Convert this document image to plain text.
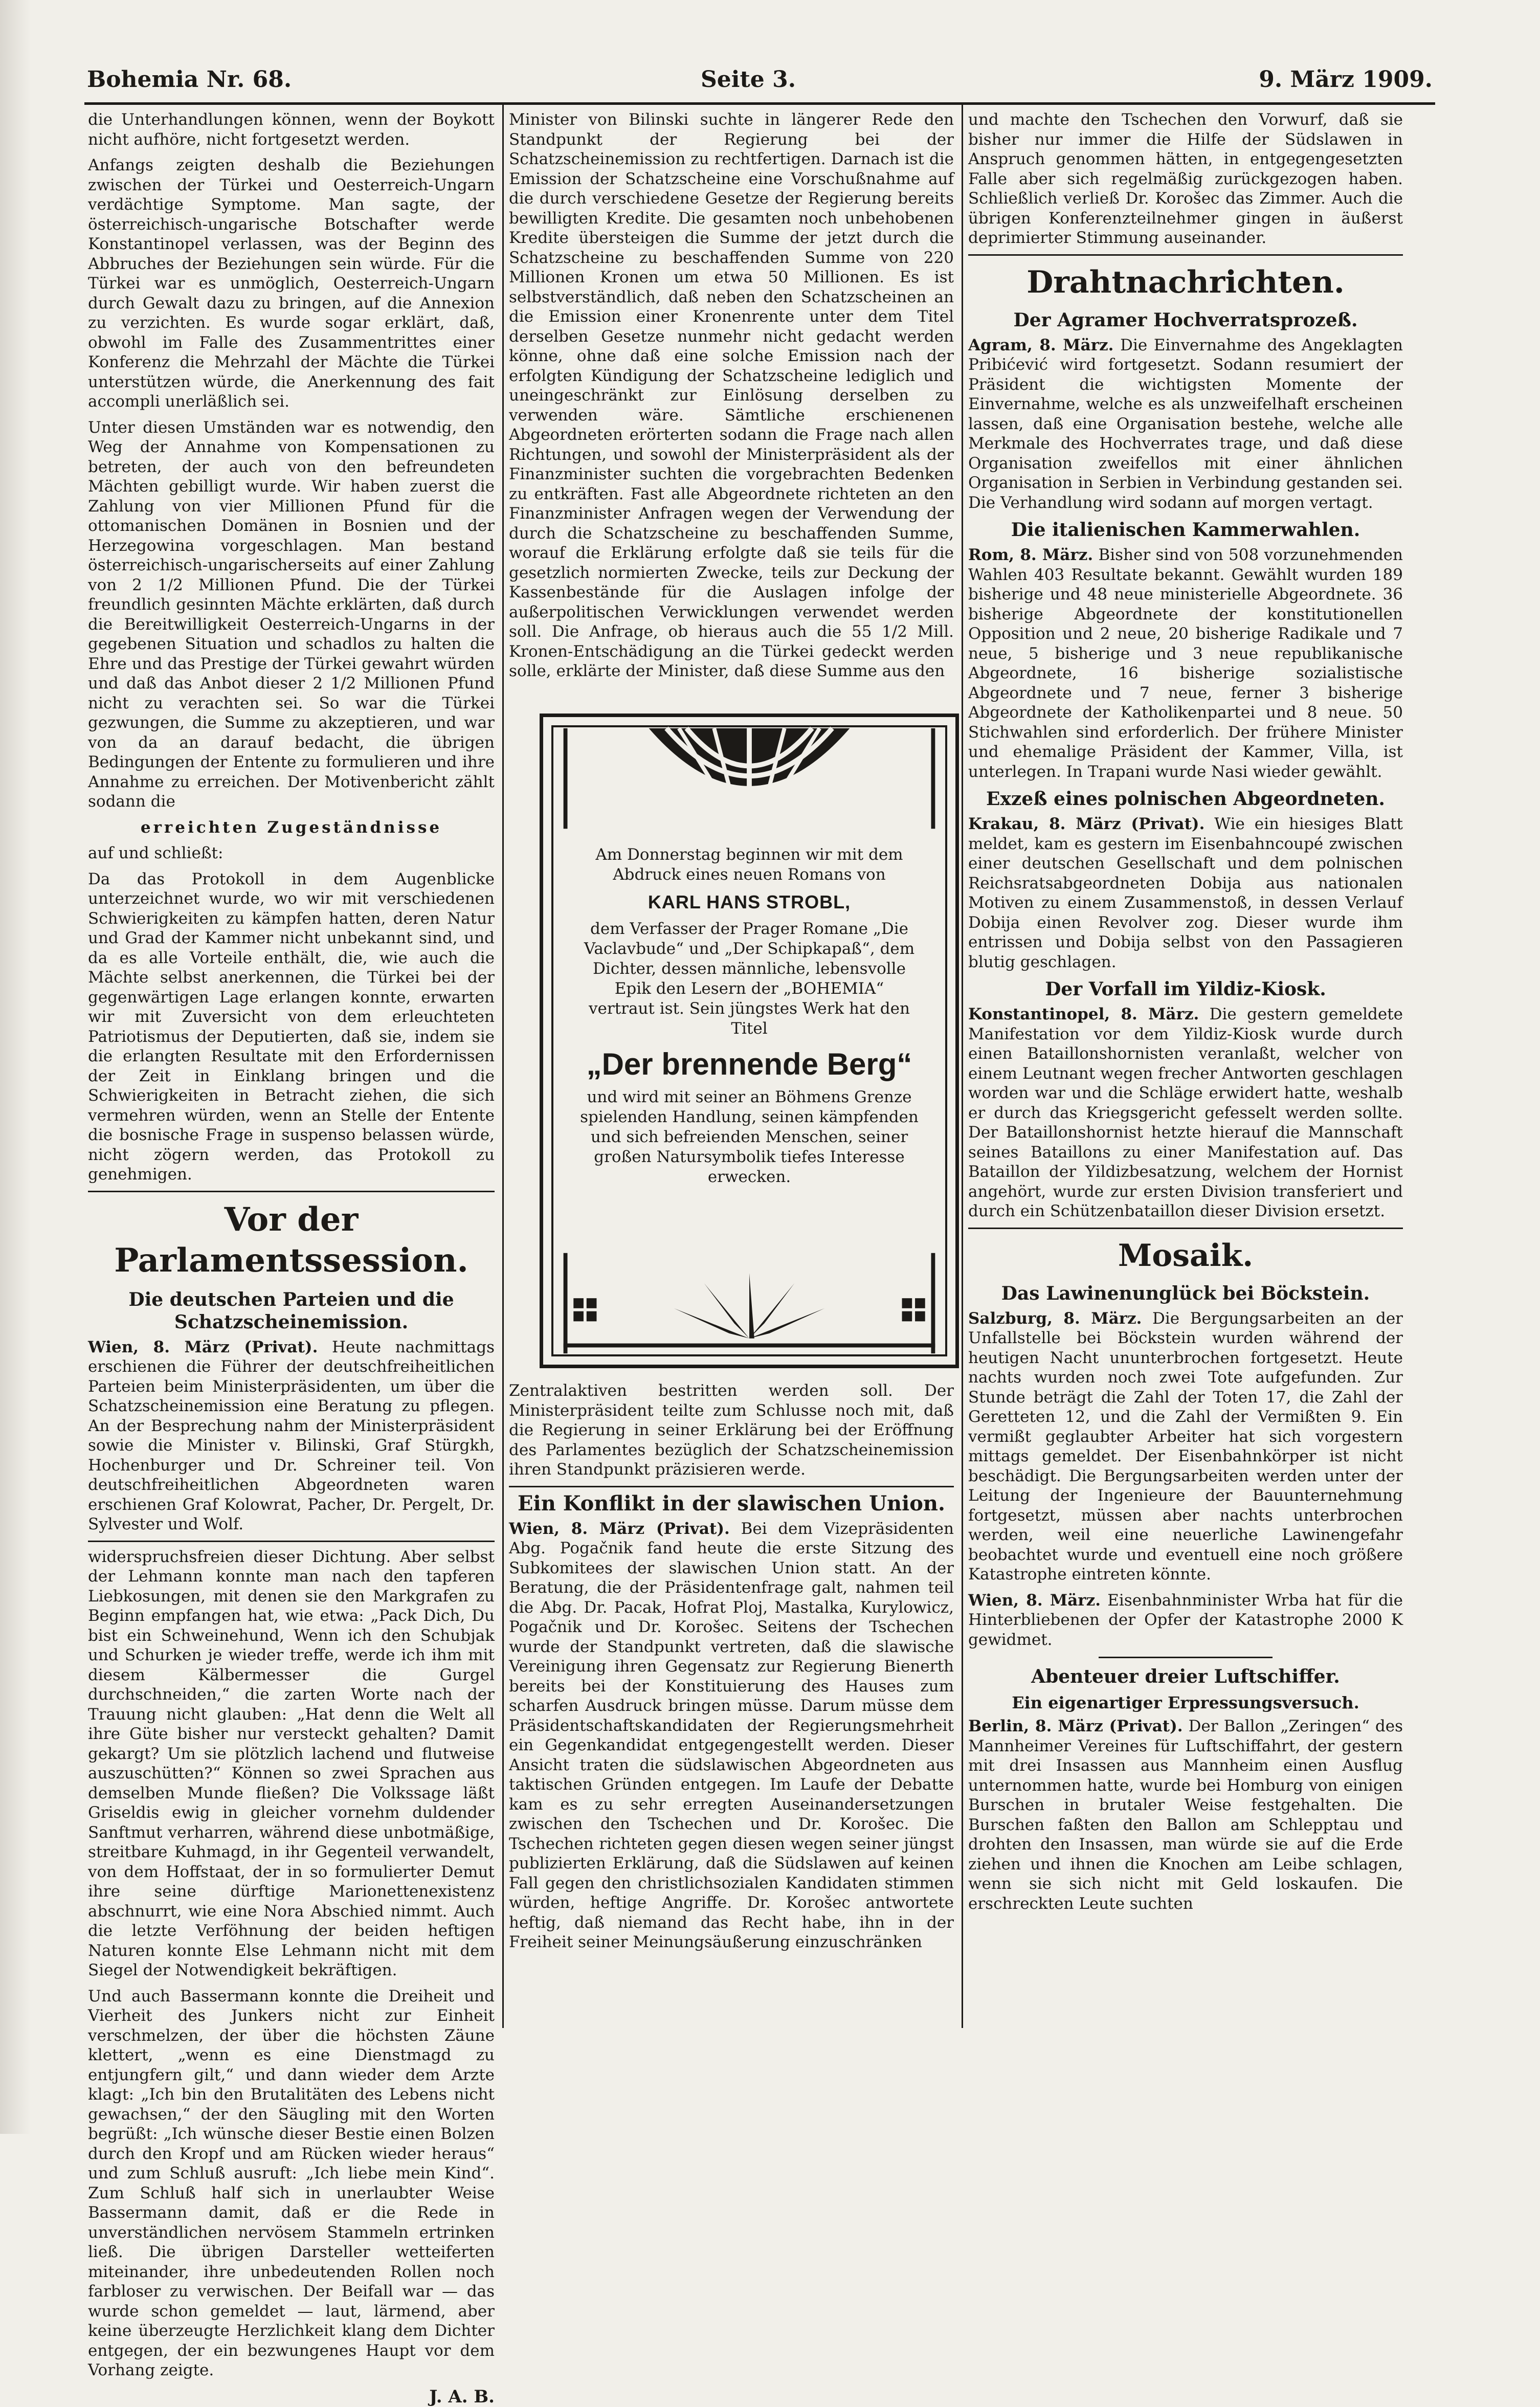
Bohemia Nr. 68.	Seite 3.	9. März 1909.

die Unterhandlungen können, wenn der Boykott nicht aufhöre, nicht fortgesetzt werden.

Anfangs zeigten deshalb die Beziehungen zwischen der Türkei und Oesterreich-Ungarn verdächtige Symptome. Man sagte, der österreichisch-ungarische Botschafter werde Konstantinopel verlassen, was der Beginn des Abbruches der Beziehungen sein würde. Für die Türkei war es unmöglich, Oesterreich-Ungarn durch Gewalt dazu zu bringen, auf die Annexion zu verzichten. Es wurde sogar erklärt, daß, obwohl im Falle des Zusammentrittes einer Konferenz die Mehrzahl der Mächte die Türkei unterstützen würde, die Anerkennung des fait accompli unerläßlich sei.

Unter diesen Umständen war es notwendig, den Weg der Annahme von Kompensationen zu betreten, der auch von den befreundeten Mächten gebilligt wurde. Wir haben zuerst die Zahlung von vier Millionen Pfund für die ottomanischen Domänen in Bosnien und der Herzegowina vorgeschlagen. Man bestand österreichisch-ungarischerseits auf einer Zahlung von 2 1/2 Millionen Pfund. Die der Türkei freundlich gesinnten Mächte erklärten, daß durch die Bereitwilligkeit Oesterreich-Ungarns in der gegebenen Situation und schadlos zu halten die Ehre und das Prestige der Türkei gewahrt würden und daß das Anbot dieser 2 1/2 Millionen Pfund nicht zu verachten sei. So war die Türkei gezwungen, die Summe zu akzeptieren, und war von da an darauf bedacht, die übrigen Bedingungen der Entente zu formulieren und ihre Annahme zu erreichen. Der Motivenbericht zählt sodann die

erreichten Zugeständnisse

auf und schließt:

Da das Protokoll in dem Augenblicke unterzeichnet wurde, wo wir mit verschiedenen Schwierigkeiten zu kämpfen hatten, deren Natur und Grad der Kammer nicht unbekannt sind, und da es alle Vorteile enthält, die, wie auch die Mächte selbst anerkennen, die Türkei bei der gegenwärtigen Lage erlangen konnte, erwarten wir mit Zuversicht von dem erleuchteten Patriotismus der Deputierten, daß sie, indem sie die erlangten Resultate mit den Erfordernissen der Zeit in Einklang bringen und die Schwierigkeiten in Betracht ziehen, die sich vermehren würden, wenn an Stelle der Entente die bosnische Frage in suspenso belassen würde, nicht zögern werden, das Protokoll zu genehmigen.

Vor der Parlamentssession.
Die deutschen Parteien und die Schatzscheinemission.

Wien, 8. März (Privat). Heute nachmittags erschienen die Führer der deutschfreiheitlichen Parteien beim Ministerpräsidenten, um über die Schatzscheinemission eine Beratung zu pflegen. An der Besprechung nahm der Ministerpräsident sowie die Minister v. Bilinski, Graf Stürgkh, Hochenburger und Dr. Schreiner teil. Von deutschfreiheitlichen Abgeordneten waren erschienen Graf Kolowrat, Pacher, Dr. Pergelt, Dr. Sylvester und Wolf.

widerspruchsfreien dieser Dichtung. Aber selbst der Lehmann konnte man nach den tapferen Liebkosungen, mit denen sie den Markgrafen zu Beginn empfangen hat, wie etwa: „Pack Dich, Du bist ein Schweinehund, Wenn ich den Schubjak und Schurken je wieder treffe, werde ich ihm mit diesem Kälbermesser die Gurgel durchschneiden,“ die zarten Worte nach der Trauung nicht glauben: „Hat denn die Welt all ihre Güte bisher nur versteckt gehalten? Damit gekargt? Um sie plötzlich lachend und flutweise auszuschütten?“ Können so zwei Sprachen aus demselben Munde fließen? Die Volkssage läßt Griseldis ewig in gleicher vornehm duldender Sanftmut verharren, während diese unbotmäßige, streitbare Kuhmagd, in ihr Gegenteil verwandelt, von dem Hoffstaat, der in so formulierter Demut ihre seine dürftige Marionettenexistenz abschnurrt, wie eine Nora Abschied nimmt. Auch die letzte Verföhnung der beiden heftigen Naturen konnte Else Lehmann nicht mit dem Siegel der Notwendigkeit bekräftigen.

Und auch Bassermann konnte die Dreiheit und Vierheit des Junkers nicht zur Einheit verschmelzen, der über die höchsten Zäune klettert, „wenn es eine Dienstmagd zu entjungfern gilt,“ und dann wieder dem Arzte klagt: „Ich bin den Brutalitäten des Lebens nicht gewachsen,“ der den Säugling mit den Worten begrüßt: „Ich wünsche dieser Bestie einen Bolzen durch den Kropf und am Rücken wieder heraus“ und zum Schluß ausruft: „Ich liebe mein Kind“. Zum Schluß half sich in unerlaubter Weise Bassermann damit, daß er die Rede in unverständlichen nervösem Stammeln ertrinken ließ. Die übrigen Darsteller wetteiferten miteinander, ihre unbedeutenden Rollen noch farbloser zu verwischen. Der Beifall war — das wurde schon gemeldet — laut, lärmend, aber keine überzeugte Herzlichkeit klang dem Dichter entgegen, der ein bezwungenes Haupt vor dem Vorhang zeigte.

J. A. B.

Minister von Bilinski suchte in längerer Rede den Standpunkt der Regierung bei der Schatzscheinemission zu rechtfertigen. Darnach ist die Emission der Schatzscheine eine Vorschußnahme auf die durch verschiedene Gesetze der Regierung bereits bewilligten Kredite. Die gesamten noch unbehobenen Kredite übersteigen die Summe der jetzt durch die Schatzscheine zu beschaffenden Summe von 220 Millionen Kronen um etwa 50 Millionen. Es ist selbstverständlich, daß neben den Schatzscheinen an die Emission einer Kronenrente unter dem Titel derselben Gesetze nunmehr nicht gedacht werden könne, ohne daß eine solche Emission nach der erfolgten Kündigung der Schatzscheine lediglich und uneingeschränkt zur Einlösung derselben zu verwenden wäre. Sämtliche erschienenen Abgeordneten erörterten sodann die Frage nach allen Richtungen, und sowohl der Ministerpräsident als der Finanzminister suchten die vorgebrachten Bedenken zu entkräften. Fast alle Abgeordnete richteten an den Finanzminister Anfragen wegen der Verwendung der durch die Schatzscheine zu beschaffenden Summe, worauf die Erklärung erfolgte daß sie teils für die gesetzlich normierten Zwecke, teils zur Deckung der Kassenbestände für die Auslagen infolge der außerpolitischen Verwicklungen verwendet werden soll. Die Anfrage, ob hieraus auch die 55 1/2 Mill. Kronen-Entschädigung an die Türkei gedeckt werden solle, erklärte der Minister, daß diese Summe aus den

Am Donnerstag beginnen wir mit dem Abdruck eines neuen Romans von
KARL HANS STROBL,
dem Verfasser der Prager Romane „Die Vaclavbude“ und „Der Schipkapaß“, dem Dichter, dessen männliche, lebensvolle Epik den Lesern der „BOHEMIA“ vertraut ist. Sein jüngstes Werk hat den Titel
„Der brennende Berg“
und wird mit seiner an Böhmens Grenze spielenden Handlung, seinen kämpfenden und sich befreienden Menschen, seiner großen Natursymbolik tiefes Interesse erwecken.

Zentralaktiven bestritten werden soll. Der Ministerpräsident teilte zum Schlusse noch mit, daß die Regierung in seiner Erklärung bei der Eröffnung des Parlamentes bezüglich der Schatzscheinemission ihren Standpunkt präzisieren werde.

Ein Konflikt in der slawischen Union.

Wien, 8. März (Privat). Bei dem Vizepräsidenten Abg. Pogačnik fand heute die erste Sitzung des Subkomitees der slawischen Union statt. An der Beratung, die der Präsidentenfrage galt, nahmen teil die Abg. Dr. Pacak, Hofrat Ploj, Mastalka, Kurylowicz, Pogačnik und Dr. Korošec. Seitens der Tschechen wurde der Standpunkt vertreten, daß die slawische Vereinigung ihren Gegensatz zur Regierung Bienerth bereits bei der Konstituierung des Hauses zum scharfen Ausdruck bringen müsse. Darum müsse dem Präsidentschaftskandidaten der Regierungsmehrheit ein Gegenkandidat entgegengestellt werden. Dieser Ansicht traten die südslawischen Abgeordneten aus taktischen Gründen entgegen. Im Laufe der Debatte kam es zu sehr erregten Auseinandersetzungen zwischen den Tschechen und Dr. Korošec. Die Tschechen richteten gegen diesen wegen seiner jüngst publizierten Erklärung, daß die Südslawen auf keinen Fall gegen den christlichsozialen Kandidaten stimmen würden, heftige Angriffe. Dr. Korošec antwortete heftig, daß niemand das Recht habe, ihn in der Freiheit seiner Meinungsäußerung einzuschränken

und machte den Tschechen den Vorwurf, daß sie bisher nur immer die Hilfe der Südslawen in Anspruch genommen hätten, in entgegengesetzten Falle aber sich regelmäßig zurückgezogen haben. Schließlich verließ Dr. Korošec das Zimmer. Auch die übrigen Konferenzteilnehmer gingen in äußerst deprimierter Stimmung auseinander.

Drahtnachrichten.
Der Agramer Hochverratsprozeß.

Agram, 8. März. Die Einvernahme des Angeklagten Pribićević wird fortgesetzt. Sodann resumiert der Präsident die wichtigsten Momente der Einvernahme, welche es als unzweifelhaft erscheinen lassen, daß eine Organisation bestehe, welche alle Merkmale des Hochverrates trage, und daß diese Organisation zweifellos mit einer ähnlichen Organisation in Serbien in Verbindung gestanden sei. Die Verhandlung wird sodann auf morgen vertagt.

Die italienischen Kammerwahlen.

Rom, 8. März. Bisher sind von 508 vorzunehmenden Wahlen 403 Resultate bekannt. Gewählt wurden 189 bisherige und 48 neue ministerielle Abgeordnete. 36 bisherige Abgeordnete der konstitutionellen Opposition und 2 neue, 20 bisherige Radikale und 7 neue, 5 bisherige und 3 neue republikanische Abgeordnete, 16 bisherige sozialistische Abgeordnete und 7 neue, ferner 3 bisherige Abgeordnete der Katholikenpartei und 8 neue. 50 Stichwahlen sind erforderlich. Der frühere Minister und ehemalige Präsident der Kammer, Villa, ist unterlegen. In Trapani wurde Nasi wieder gewählt.

Exzeß eines polnischen Abgeordneten.

Krakau, 8. März (Privat). Wie ein hiesiges Blatt meldet, kam es gestern im Eisenbahncoupé zwischen einer deutschen Gesellschaft und dem polnischen Reichsratsabgeordneten Dobija aus nationalen Motiven zu einem Zusammenstoß, in dessen Verlauf Dobija einen Revolver zog. Dieser wurde ihm entrissen und Dobija selbst von den Passagieren blutig geschlagen.

Der Vorfall im Yildiz-Kiosk.

Konstantinopel, 8. März. Die gestern gemeldete Manifestation vor dem Yildiz-Kiosk wurde durch einen Bataillonshornisten veranlaßt, welcher von einem Leutnant wegen frecher Antworten geschlagen worden war und die Schläge erwidert hatte, weshalb er durch das Kriegsgericht gefesselt werden sollte. Der Bataillonshornist hetzte hierauf die Mannschaft seines Bataillons zu einer Manifestation auf. Das Bataillon der Yildizbesatzung, welchem der Hornist angehört, wurde zur ersten Division transferiert und durch ein Schützenbataillon dieser Division ersetzt.

Mosaik.
Das Lawinenunglück bei Böckstein.

Salzburg, 8. März. Die Bergungsarbeiten an der Unfallstelle bei Böckstein wurden während der heutigen Nacht ununterbrochen fortgesetzt. Heute nachts wurden noch zwei Tote aufgefunden. Zur Stunde beträgt die Zahl der Toten 17, die Zahl der Geretteten 12, und die Zahl der Vermißten 9. Ein vermißt geglaubter Arbeiter hat sich vorgestern mittags gemeldet. Der Eisenbahnkörper ist nicht beschädigt. Die Bergungsarbeiten werden unter der Leitung der Ingenieure der Bauunternehmung fortgesetzt, müssen aber nachts unterbrochen werden, weil eine neuerliche Lawinengefahr beobachtet wurde und eventuell eine noch größere Katastrophe eintreten könnte.

Wien, 8. März. Eisenbahnminister Wrba hat für die Hinterbliebenen der Opfer der Katastrophe 2000 K gewidmet.

Abenteuer dreier Luftschiffer.
Ein eigenartiger Erpressungsversuch.

Berlin, 8. März (Privat). Der Ballon „Zeringen“ des Mannheimer Vereines für Luftschiffahrt, der gestern mit drei Insassen aus Mannheim einen Ausflug unternommen hatte, wurde bei Homburg von einigen Burschen in brutaler Weise festgehalten. Die Burschen faßten den Ballon am Schlepptau und drohten den Insassen, man würde sie auf die Erde ziehen und ihnen die Knochen am Leibe schlagen, wenn sie sich nicht mit Geld loskaufen. Die erschreckten Leute suchten
